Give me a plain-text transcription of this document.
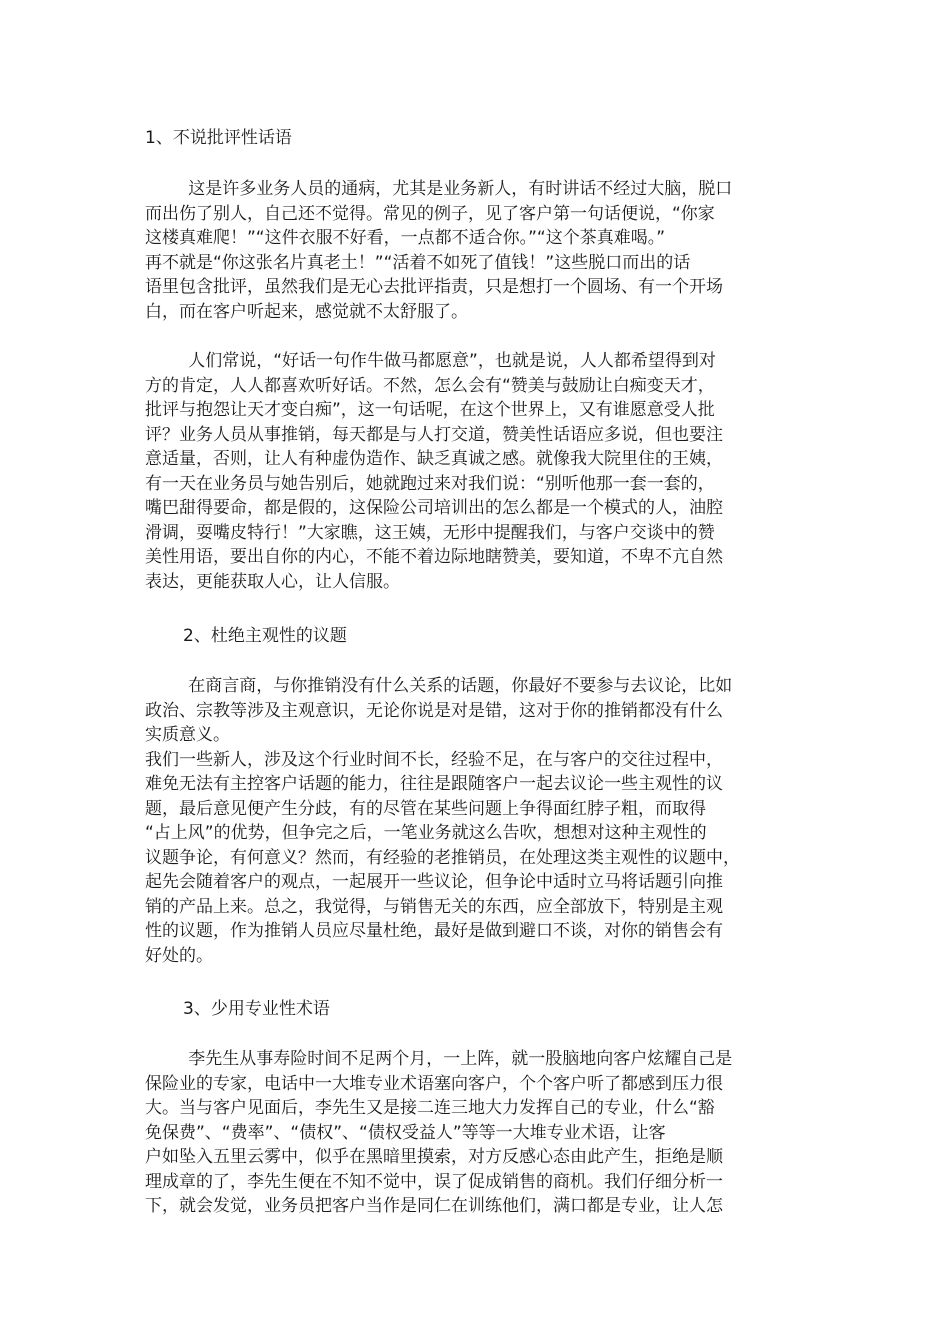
1、不说批评性话语
这是许多业务人员的通病，尤其是业务新人，有时讲话不经过大脑，脱口
而出伤了别人，自己还不觉得。常见的例子，见了客户第一句话便说，“你家
这楼真难爬！”“这件衣服不好看，一点都不适合你。”“这个茶真难喝。”
再不就是“你这张名片真老土！”“活着不如死了值钱！”这些脱口而出的话
语里包含批评，虽然我们是无心去批评指责，只是想打一个圆场、有一个开场
白，而在客户听起来，感觉就不太舒服了。
人们常说，“好话一句作牛做马都愿意”，也就是说，人人都希望得到对
方的肯定，人人都喜欢听好话。不然，怎么会有“赞美与鼓励让白痴变天才，
批评与抱怨让天才变白痴”，这一句话呢，在这个世界上，又有谁愿意受人批
评？业务人员从事推销，每天都是与人打交道，赞美性话语应多说，但也要注
意适量，否则，让人有种虚伪造作、缺乏真诚之感。就像我大院里住的王姨，
有一天在业务员与她告别后，她就跑过来对我们说：“别听他那一套一套的，
嘴巴甜得要命，都是假的，这保险公司培训出的怎么都是一个模式的人，油腔
滑调，耍嘴皮特行！”大家瞧，这王姨，无形中提醒我们，与客户交谈中的赞
美性用语，要出自你的内心，不能不着边际地瞎赞美，要知道，不卑不亢自然
表达，更能获取人心，让人信服。
2、杜绝主观性的议题
在商言商，与你推销没有什么关系的话题，你最好不要参与去议论，比如
政治、宗教等涉及主观意识，无论你说是对是错，这对于你的推销都没有什么
实质意义。
我们一些新人，涉及这个行业时间不长，经验不足，在与客户的交往过程中，
难免无法有主控客户话题的能力，往往是跟随客户一起去议论一些主观性的议
题，最后意见便产生分歧，有的尽管在某些问题上争得面红脖子粗，而取得
“占上风”的优势，但争完之后，一笔业务就这么告吹，想想对这种主观性的
议题争论，有何意义？然而，有经验的老推销员，在处理这类主观性的议题中，
起先会随着客户的观点，一起展开一些议论，但争论中适时立马将话题引向推
销的产品上来。总之，我觉得，与销售无关的东西，应全部放下，特别是主观
性的议题，作为推销人员应尽量杜绝，最好是做到避口不谈，对你的销售会有
好处的。
3、少用专业性术语
李先生从事寿险时间不足两个月，一上阵，就一股脑地向客户炫耀自己是
保险业的专家，电话中一大堆专业术语塞向客户，个个客户听了都感到压力很
大。当与客户见面后，李先生又是接二连三地大力发挥自己的专业，什么“豁
免保费”、“费率”、“债权”、“债权受益人”等等一大堆专业术语，让客
户如坠入五里云雾中，似乎在黑暗里摸索，对方反感心态由此产生，拒绝是顺
理成章的了，李先生便在不知不觉中，误了促成销售的商机。我们仔细分析一
下，就会发觉，业务员把客户当作是同仁在训练他们，满口都是专业，让人怎
